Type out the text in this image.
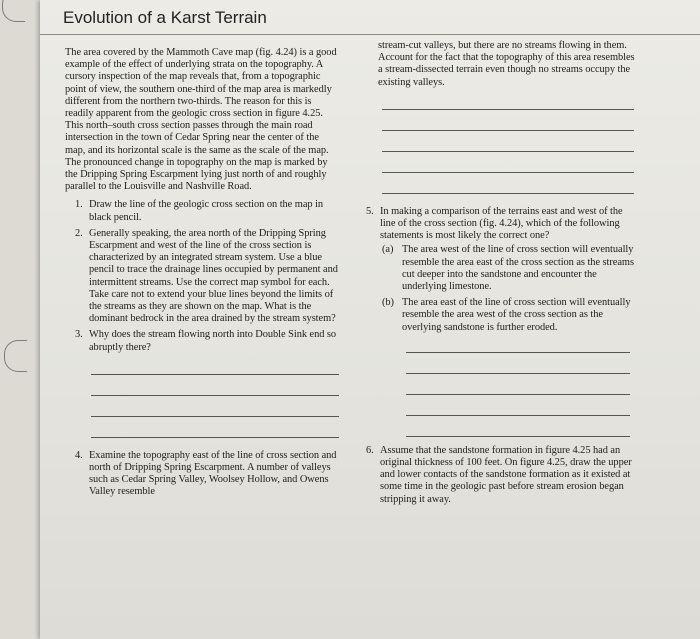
Evolution of a Karst Terrain

The area covered by the Mammoth Cave map (fig. 4.24) is a good example of the effect of underlying strata on the topography. A cursory inspection of the map reveals that, from a topographic point of view, the southern one-third of the map area is markedly different from the northern two-thirds. The reason for this is readily apparent from the geologic cross section in figure 4.25. This north–south cross section passes through the main road intersection in the town of Cedar Spring near the center of the map, and its horizontal scale is the same as the scale of the map. The pronounced change in topography on the map is marked by the Dripping Spring Escarpment lying just north of and roughly parallel to the Louisville and Nashville Road.

1. Draw the line of the geologic cross section on the map in black pencil.
2. Generally speaking, the area north of the Dripping Spring Escarpment and west of the line of the cross section is characterized by an integrated stream system. Use a blue pencil to trace the drainage lines occupied by permanent and intermittent streams. Use the correct map symbol for each. Take care not to extend your blue lines beyond the limits of the streams as they are shown on the map. What is the dominant bedrock in the area drained by the stream system?
3. Why does the stream flowing north into Double Sink end so abruptly there?
4. Examine the topography east of the line of cross section and north of Dripping Spring Escarpment. A number of valleys such as Cedar Spring Valley, Woolsey Hollow, and Owens Valley resemble

stream-cut valleys, but there are no streams flowing in them. Account for the fact that the topography of this area resembles a stream-dissected terrain even though no streams occupy the existing valleys.

5. In making a comparison of the terrains east and west of the line of the cross section (fig. 4.24), which of the following statements is most likely the correct one?
(a) The area west of the line of cross section will eventually resemble the area east of the cross section as the streams cut deeper into the sandstone and encounter the underlying limestone.
(b) The area east of the line of cross section will eventually resemble the area west of the cross section as the overlying sandstone is further eroded.
6. Assume that the sandstone formation in figure 4.25 had an original thickness of 100 feet. On figure 4.25, draw the upper and lower contacts of the sandstone formation as it existed at some time in the geologic past before stream erosion began stripping it away.
